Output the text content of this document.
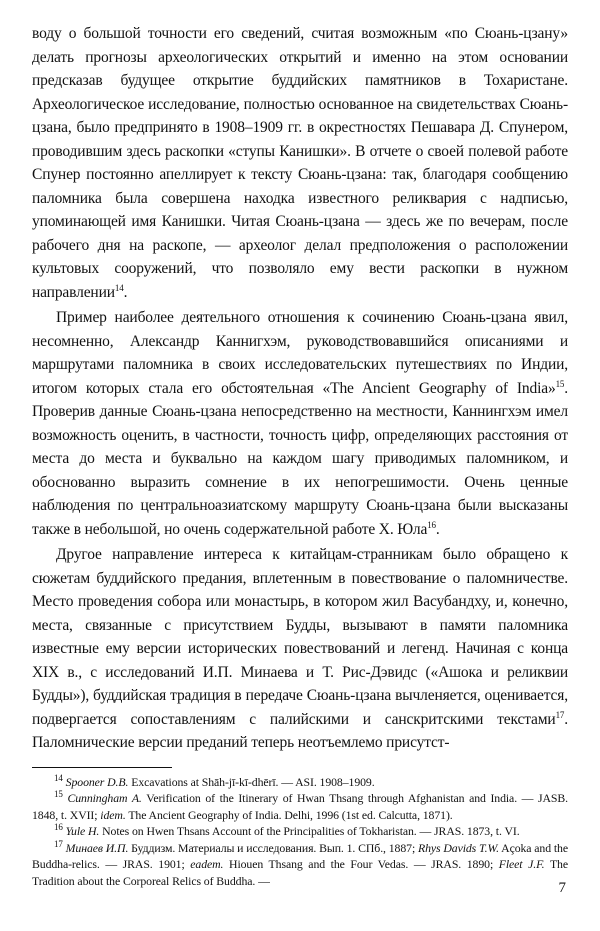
воду о большой точности его сведений, считая возможным «по Сюань-цзану» делать прогнозы археологических открытий и именно на этом основании предсказав будущее открытие буддийских памятников в Тохаристане. Археологическое исследование, полностью основанное на свидетельствах Сюань-цзана, было предпринято в 1908–1909 гг. в окрестностях Пешавара Д. Спунером, проводившим здесь раскопки «ступы Канишки». В отчете о своей полевой работе Спунер постоянно апеллирует к тексту Сюань-цзана: так, благодаря сообщению паломника была совершена находка известного реликвария с надписью, упоминающей имя Канишки. Читая Сюань-цзана — здесь же по вечерам, после рабочего дня на раскопе, — археолог делал предположения о расположении культовых сооружений, что позволяло ему вести раскопки в нужном направлении$^{14}$.

Пример наиболее деятельного отношения к сочинению Сюань-цзана явил, несомненно, Александр Каннигхэм, руководствовавшийся описаниями и маршрутами паломника в своих исследовательских путешествиях по Индии, итогом которых стала его обстоятельная «The Ancient Geography of India»$^{15}$. Проверив данные Сюань-цзана непосредственно на местности, Каннингхэм имел возможность оценить, в частности, точность цифр, определяющих расстояния от места до места и буквально на каждом шагу приводимых паломником, и обоснованно выразить сомнение в их непогрешимости. Очень ценные наблюдения по центральноазиатскому маршруту Сюань-цзана были высказаны также в небольшой, но очень содержательной работе Х. Юла$^{16}$.

Другое направление интереса к китайцам-странникам было обращено к сюжетам буддийского предания, вплетенным в повествование о паломничестве. Место проведения собора или монастырь, в котором жил Васубандху, и, конечно, места, связанные с присутствием Будды, вызывают в памяти паломника известные ему версии исторических повествований и легенд. Начиная с конца XIX в., с исследований И.П. Минаева и Т. Рис-Дэвидс («Ашока и реликвии Будды»), буддийская традиция в передаче Сюань-цзана вычленяется, оценивается, подвергается сопоставлениям с палийскими и санскритскими текстами$^{17}$. Паломнические версии преданий теперь неотъемлемо присутст-

$^{14}$ Spooner D.B. Excavations at Shāh-jī-kī-dhērī. — ASI. 1908–1909.

$^{15}$ Cunningham A. Verification of the Itinerary of Hwan Thsang through Afghanistan and India. — JASB. 1848, t. XVII; idem. The Ancient Geography of India. Delhi, 1996 (1st ed. Calcutta, 1871).

$^{16}$ Yule H. Notes on Hwen Thsans Account of the Principalities of Tokharistan. — JRAS. 1873, t. VI.

$^{17}$ Минаев И.П. Буддизм. Материалы и исследования. Вып. 1. СПб., 1887; Rhys Davids T.W. Açoka and the Buddha-relics. — JRAS. 1901; eadem. Hiouen Thsang and the Four Vedas. — JRAS. 1890; Fleet J.F. The Tradition about the Corporeal Relics of Buddha. —	7
